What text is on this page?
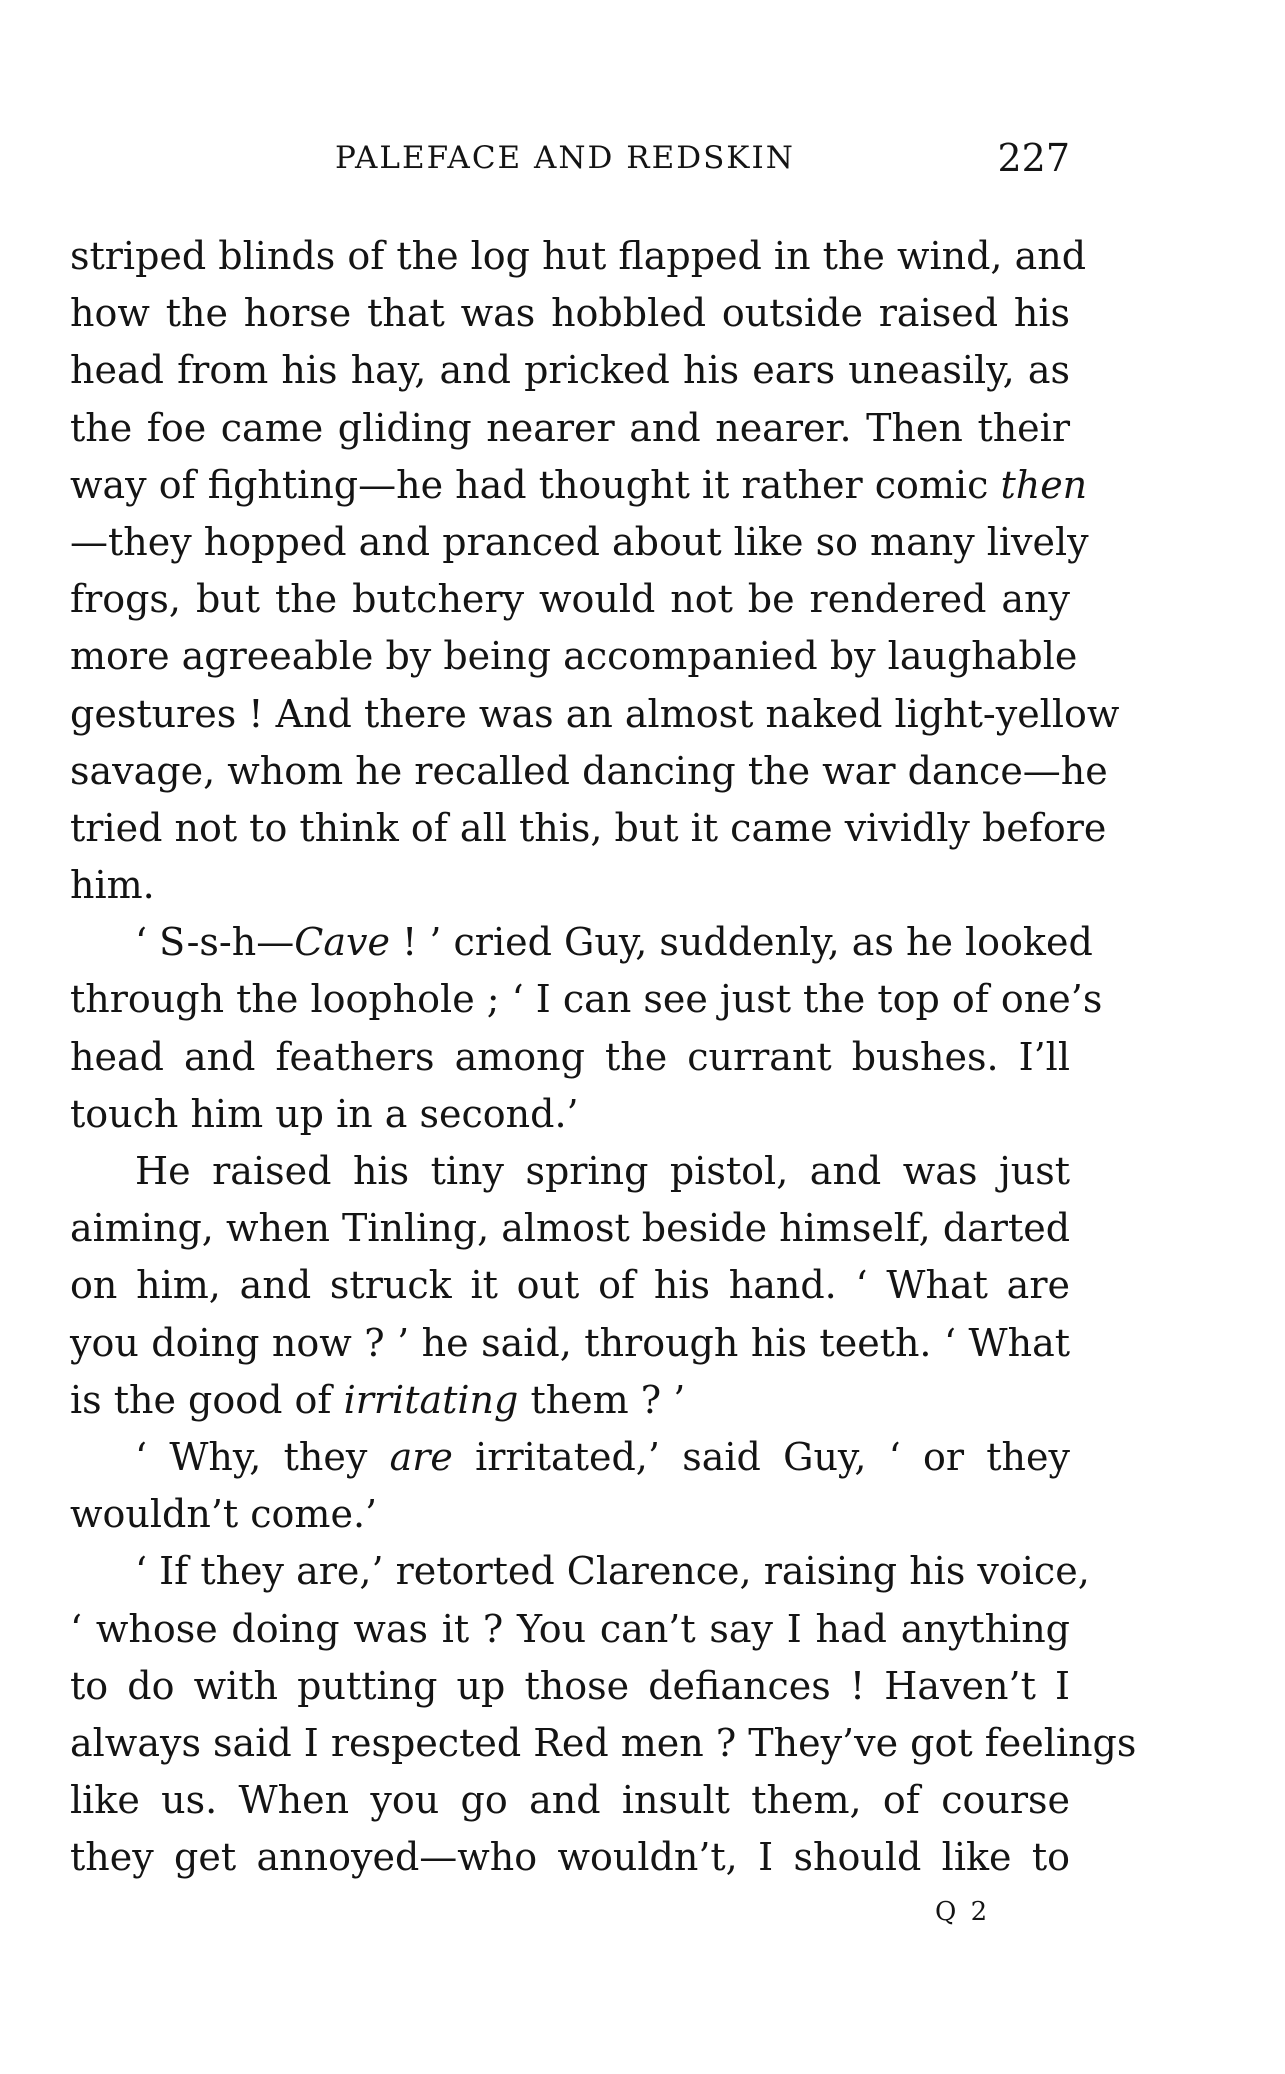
PALEFACE AND REDSKIN	227
striped blinds of the log hut flapped in the wind, and
how the horse that was hobbled outside raised his
head from his hay, and pricked his ears uneasily, as
the foe came gliding nearer and nearer. Then their
way of fighting—he had thought it rather comic then
—they hopped and pranced about like so many lively
frogs, but the butchery would not be rendered any
more agreeable by being accompanied by laughable
gestures ! And there was an almost naked light-yellow
savage, whom he recalled dancing the war dance—he
tried not to think of all this, but it came vividly before
him.
‘ S-s-h—Cave ! ’ cried Guy, suddenly, as he looked
through the loophole ; ‘ I can see just the top of one’s
head and feathers among the currant bushes. I’ll
touch him up in a second.’
He raised his tiny spring pistol, and was just
aiming, when Tinling, almost beside himself, darted
on him, and struck it out of his hand. ‘ What are
you doing now ? ’ he said, through his teeth. ‘ What
is the good of irritating them ? ’
‘ Why, they are irritated,’ said Guy, ‘ or they
wouldn’t come.’
‘ If they are,’ retorted Clarence, raising his voice,
‘ whose doing was it ? You can’t say I had anything
to do with putting up those defiances ! Haven’t I
always said I respected Red men ? They’ve got feelings
like us. When you go and insult them, of course
they get annoyed—who wouldn’t, I should like to
Q 2
